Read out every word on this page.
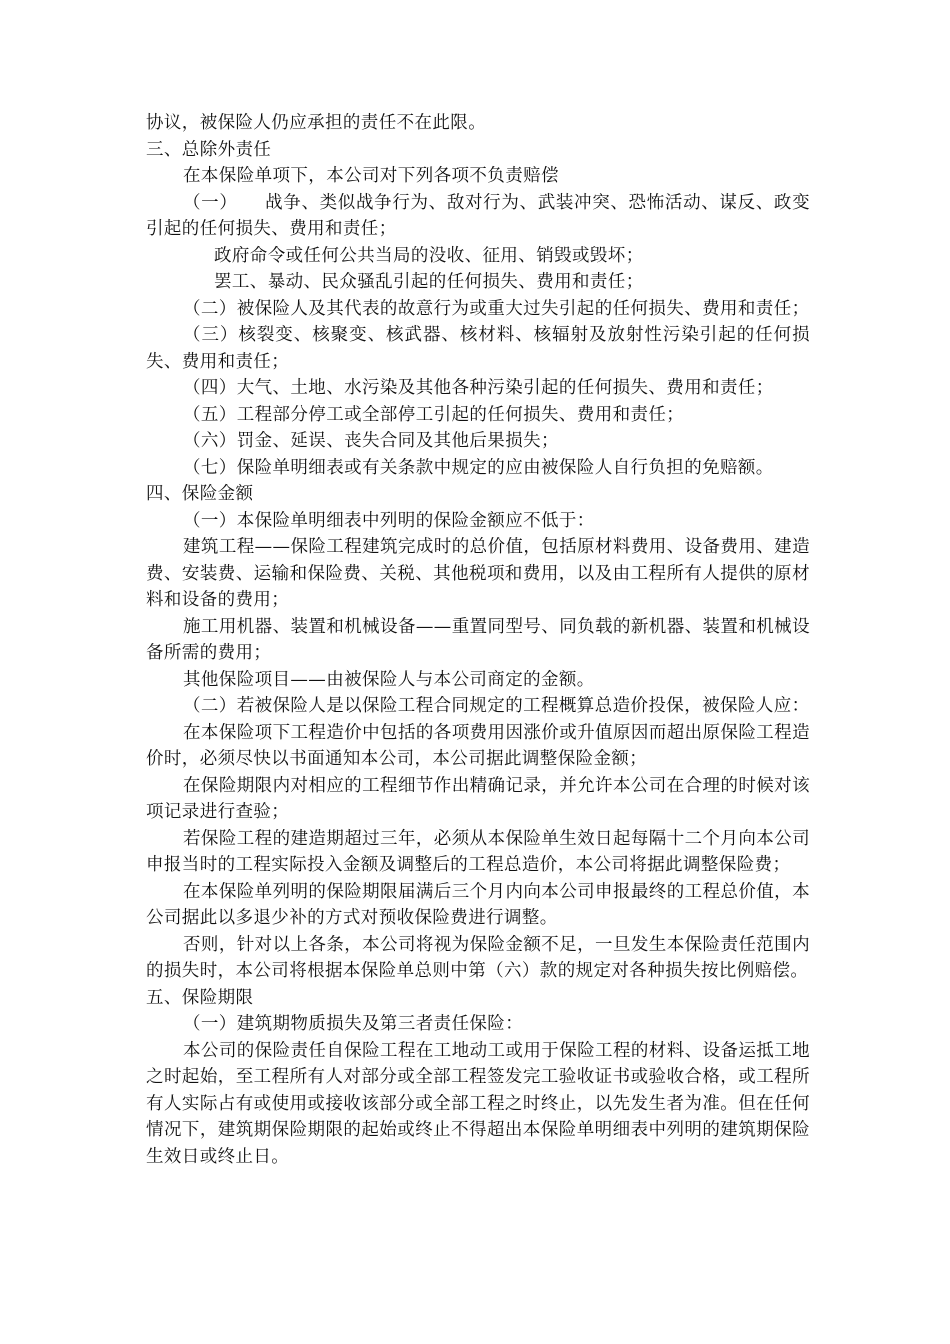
协议，被保险人仍应承担的责任不在此限。

三、总除外责任

在本保险单项下，本公司对下列各项不负责赔偿

（一）　　战争、类似战争行为、敌对行为、武装冲突、恐怖活动、谋反、政变引起的任何损失、费用和责任；

政府命令或任何公共当局的没收、征用、销毁或毁坏；

罢工、暴动、民众骚乱引起的任何损失、费用和责任；

（二）被保险人及其代表的故意行为或重大过失引起的任何损失、费用和责任；

（三）核裂变、核聚变、核武器、核材料、核辐射及放射性污染引起的任何损失、费用和责任；

（四）大气、土地、水污染及其他各种污染引起的任何损失、费用和责任；

（五）工程部分停工或全部停工引起的任何损失、费用和责任；

（六）罚金、延误、丧失合同及其他后果损失；

（七）保险单明细表或有关条款中规定的应由被保险人自行负担的免赔额。

四、保险金额

（一）本保险单明细表中列明的保险金额应不低于：

建筑工程——保险工程建筑完成时的总价值，包括原材料费用、设备费用、建造费、安装费、运输和保险费、关税、其他税项和费用，以及由工程所有人提供的原材料和设备的费用；

施工用机器、装置和机械设备——重置同型号、同负载的新机器、装置和机械设备所需的费用；

其他保险项目——由被保险人与本公司商定的金额。

（二）若被保险人是以保险工程合同规定的工程概算总造价投保，被保险人应：

在本保险项下工程造价中包括的各项费用因涨价或升值原因而超出原保险工程造价时，必须尽快以书面通知本公司，本公司据此调整保险金额；

在保险期限内对相应的工程细节作出精确记录，并允许本公司在合理的时候对该项记录进行查验；

若保险工程的建造期超过三年，必须从本保险单生效日起每隔十二个月向本公司申报当时的工程实际投入金额及调整后的工程总造价，本公司将据此调整保险费；

在本保险单列明的保险期限届满后三个月内向本公司申报最终的工程总价值，本公司据此以多退少补的方式对预收保险费进行调整。

否则，针对以上各条，本公司将视为保险金额不足，一旦发生本保险责任范围内的损失时，本公司将根据本保险单总则中第（六）款的规定对各种损失按比例赔偿。

五、保险期限

（一）建筑期物质损失及第三者责任保险：

本公司的保险责任自保险工程在工地动工或用于保险工程的材料、设备运抵工地之时起始，至工程所有人对部分或全部工程签发完工验收证书或验收合格，或工程所有人实际占有或使用或接收该部分或全部工程之时终止，以先发生者为准。但在任何情况下，建筑期保险期限的起始或终止不得超出本保险单明细表中列明的建筑期保险生效日或终止日。
